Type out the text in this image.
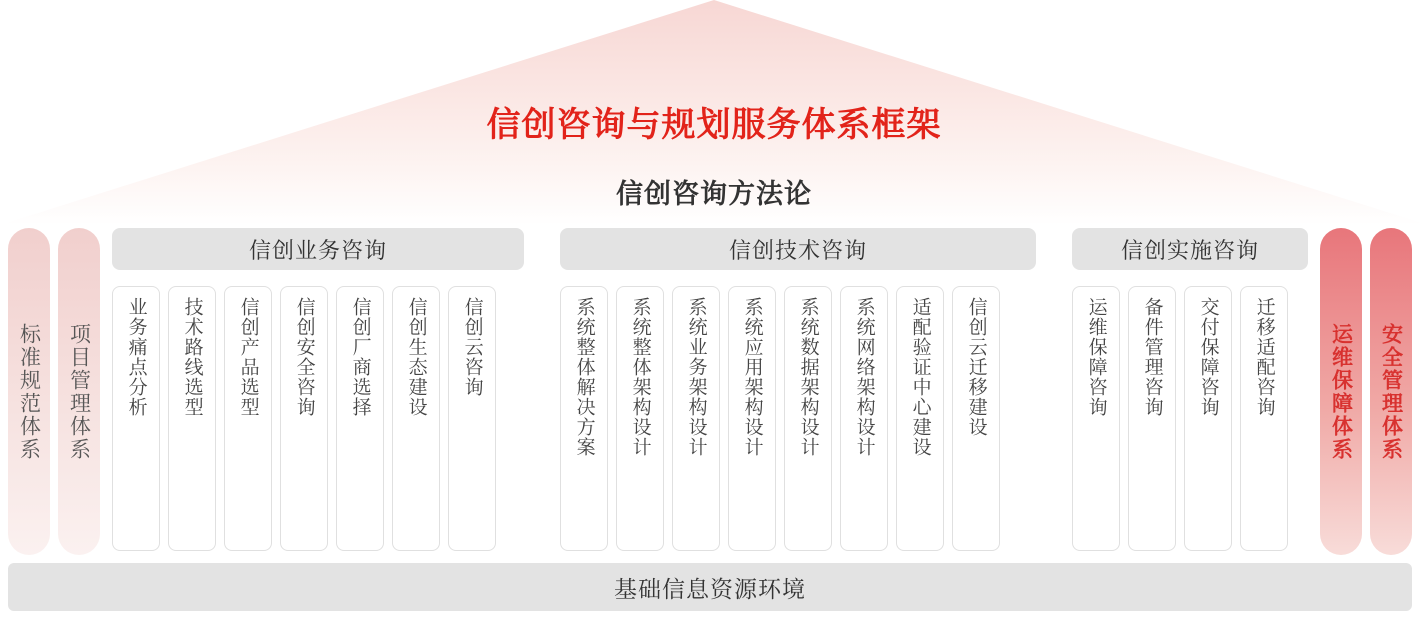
信创咨询与规划服务体系框架
信创咨询方法论
标准规范体系 项目管理体系	运维保障体系 安全管理体系
信创业务咨询
业务痛点分析 技术路线选型 信创产品选型 信创安全咨询 信创厂商选择 信创生态建设 信创云咨询
信创技术咨询
系统整体解决方案 系统整体架构设计 系统业务架构设计 系统应用架构设计 系统数据架构设计 系统网络架构设计 适配验证中心建设 信创云迁移建设
信创实施咨询
运维保障咨询 备件管理咨询 交付保障咨询 迁移适配咨询
基础信息资源环境
